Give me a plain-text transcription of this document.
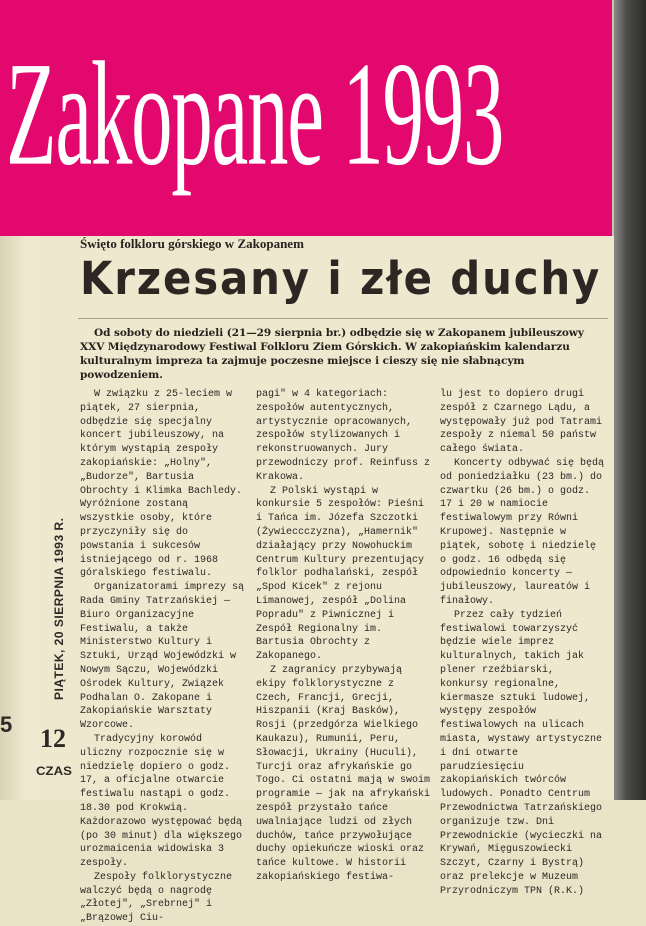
Zakopane 1993
Święto folkloru górskiego w Zakopanem
Krzesany i złe duchy

Od soboty do niedzieli (21—29 sierpnia br.) odbędzie się w Zakopanem jubileuszowy XXV Międzynarodowy Festiwal Folkloru Ziem Górskich. W zakopiańskim kalendarzu kulturalnym impreza ta zajmuje poczesne miejsce i cieszy się nie słabnącym powodzeniem.

W związku z 25-leciem w piątek, 27 sierpnia, odbędzie się specjalny koncert jubileuszowy, na którym wystąpią zespoły zakopiańskie: „Holny", „Budorze", Bartusia Obrochty i Klimka Bachledy. Wyróżnione zostaną wszystkie osoby, które przyczyniły się do powstania i sukcesów istniejącego od r. 1968 góralskiego festiwalu.

Organizatorami imprezy są Rada Gminy Tatrzańskiej — Biuro Organizacyjne Festiwalu, a także Ministerstwo Kultury i Sztuki, Urząd Wojewódzki w Nowym Sączu, Wojewódzki Ośrodek Kultury, Związek Podhalan O. Zakopane i Zakopiańskie Warsztaty Wzorcowe.

Tradycyjny korowód uliczny rozpocznie się w niedzielę dopiero o godz. 17, a oficjalne otwarcie festiwalu nastąpi o godz. 18.30 pod Krokwią. Każdorazowo występować będą (po 30 minut) dla większego urozmaicenia widowiska 3 zespoły.

Zespoły folklorystyczne walczyć będą o nagrodę „Złotej", „Srebrnej" i „Brązowej Ciu-

pagi" w 4 kategoriach: zespołów autentycznych, artystycznie opracowanych, zespołów stylizowanych i rekonstruowanych. Jury przewodniczy prof. Reinfuss z Krakowa.

Z Polski wystąpi w konkursie 5 zespołów: Pieśni i Tańca im. Józefa Szczotki (Żywieccczyzna), „Hamernik" działający przy Nowohuckim Centrum Kultury prezentujący folklor podhalański, zespół „Spod Kicek" z rejonu Limanowej, zespół „Dolina Popradu" z Piwnicznej i Zespół Regionalny im. Bartusia Obrochty z Zakopanego.

Z zagranicy przybywają ekipy folklorystyczne z Czech, Francji, Grecji, Hiszpanii (Kraj Basków), Rosji (przedgórza Wielkiego Kaukazu), Rumunii, Peru, Słowacji, Ukrainy (Huculi), Turcji oraz afrykańskie go Togo. Ci ostatni mają w swoim programie — jak na afrykański zespół przystało tańce uwalniające ludzi od złych duchów, tańce przywołujące duchy opiekuńcze wioski oraz tańce kultowe. W historii zakopiańskiego festiwa-

lu jest to dopiero drugi zespół z Czarnego Lądu, a występowały już pod Tatrami zespoły z niemal 50 państw całego świata.

Koncerty odbywać się będą od poniedziałku (23 bm.) do czwartku (26 bm.) o godz. 17 i 20 w namiocie festiwalowym przy Równi Krupowej. Następnie w piątek, sobotę i niedzielę o godz. 16 odbędą się odpowiednio koncerty — jubileuszowy, laureatów i finałowy.

Przez cały tydzień festiwalowi towarzyszyć będzie wiele imprez kulturalnych, takich jak plener rzeźbiarski, konkursy regionalne, kiermasze sztuki ludowej, występy zespołów festiwalowych na ulicach miasta, wystawy artystyczne i dni otwarte parudziesięciu zakopiańskich twórców ludowych. Ponadto Centrum Przewodnictwa Tatrzańskiego organizuje tzw. Dni Przewodnickie (wycieczki na Krywań, Mięguszowiecki Szczyt, Czarny i Bystrą) oraz prelekcje w Muzeum Przyrodniczym TPN (R.K.)

PIĄTEK, 20 SIERPNIA 1993 R.
12
CZAS
5
